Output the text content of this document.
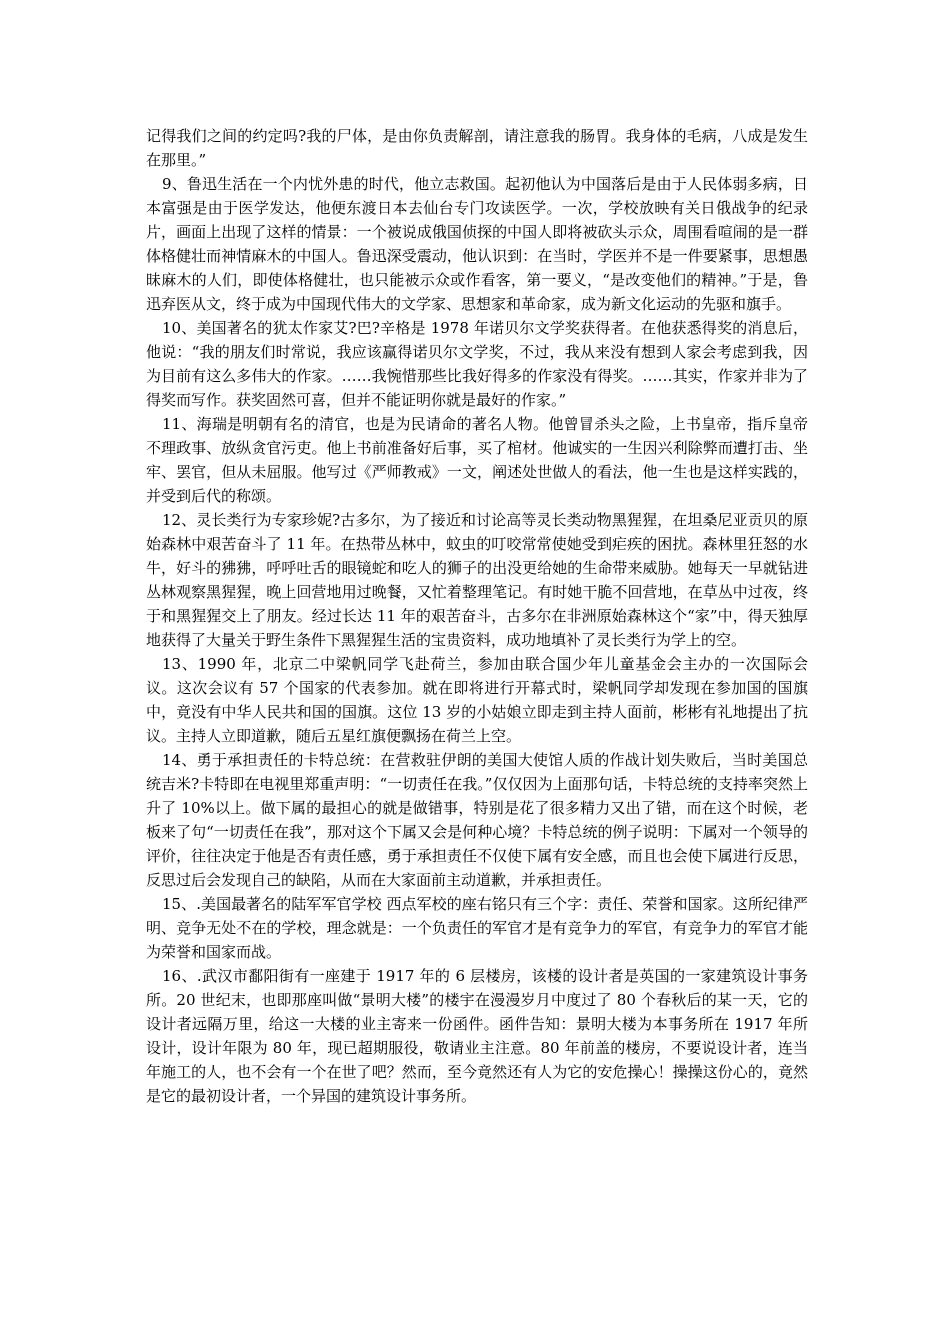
记得我们之间的约定吗?我的尸体，是由你负责解剖，请注意我的肠胃。我身体的毛病，八成是发生在那里。”

9、鲁迅生活在一个内忧外患的时代，他立志救国。起初他认为中国落后是由于人民体弱多病，日本富强是由于医学发达，他便东渡日本去仙台专门攻读医学。一次，学校放映有关日俄战争的纪录片，画面上出现了这样的情景：一个被说成俄国侦探的中国人即将被砍头示众，周围看喧闹的是一群体格健壮而神情麻木的中国人。鲁迅深受震动，他认识到：在当时，学医并不是一件要紧事，思想愚昧麻木的人们，即使体格健壮，也只能被示众或作看客，第一要义，“是改变他们的精神。”于是，鲁迅弃医从文，终于成为中国现代伟大的文学家、思想家和革命家，成为新文化运动的先驱和旗手。

10、美国著名的犹太作家艾?巴?辛格是 1978 年诺贝尔文学奖获得者。在他获悉得奖的消息后，他说：“我的朋友们时常说，我应该赢得诺贝尔文学奖，不过，我从来没有想到人家会考虑到我，因为目前有这么多伟大的作家。……我惋惜那些比我好得多的作家没有得奖。……其实，作家并非为了得奖而写作。获奖固然可喜，但并不能证明你就是最好的作家。”

11、海瑞是明朝有名的清官，也是为民请命的著名人物。他曾冒杀头之险，上书皇帝，指斥皇帝不理政事、放纵贪官污吏。他上书前准备好后事，买了棺材。他诚实的一生因兴利除弊而遭打击、坐牢、罢官，但从未屈服。他写过《严师教戒》一文，阐述处世做人的看法，他一生也是这样实践的，并受到后代的称颂。

12、灵长类行为专家珍妮?古多尔，为了接近和讨论高等灵长类动物黑猩猩，在坦桑尼亚贡贝的原始森林中艰苦奋斗了 11 年。在热带丛林中，蚊虫的叮咬常常使她受到疟疾的困扰。森林里狂怒的水牛，好斗的狒狒，呼呼吐舌的眼镜蛇和吃人的狮子的出没更给她的生命带来威胁。她每天一早就钻进丛林观察黑猩猩，晚上回营地用过晚餐，又忙着整理笔记。有时她干脆不回营地，在草丛中过夜，终于和黑猩猩交上了朋友。经过长达 11 年的艰苦奋斗，古多尔在非洲原始森林这个“家”中，得天独厚地获得了大量关于野生条件下黑猩猩生活的宝贵资料，成功地填补了灵长类行为学上的空。

13、1990 年，北京二中梁帆同学飞赴荷兰，参加由联合国少年儿童基金会主办的一次国际会议。这次会议有 57 个国家的代表参加。就在即将进行开幕式时，梁帆同学却发现在参加国的国旗中，竟没有中华人民共和国的国旗。这位 13 岁的小姑娘立即走到主持人面前，彬彬有礼地提出了抗议。主持人立即道歉，随后五星红旗便飘扬在荷兰上空。

14、勇于承担责任的卡特总统：在营救驻伊朗的美国大使馆人质的作战计划失败后，当时美国总统吉米?卡特即在电视里郑重声明：“一切责任在我。”仅仅因为上面那句话，卡特总统的支持率突然上升了 10%以上。做下属的最担心的就是做错事，特别是花了很多精力又出了错，而在这个时候，老板来了句“一切责任在我”，那对这个下属又会是何种心境？卡特总统的例子说明：下属对一个领导的评价，往往决定于他是否有责任感，勇于承担责任不仅使下属有安全感，而且也会使下属进行反思，反思过后会发现自己的缺陷，从而在大家面前主动道歉，并承担责任。

15、.美国最著名的陆军军官学校 西点军校的座右铭只有三个字：责任、荣誉和国家。这所纪律严明、竞争无处不在的学校，理念就是：一个负责任的军官才是有竞争力的军官，有竞争力的军官才能为荣誉和国家而战。

16、.武汉市鄱阳街有一座建于 1917 年的 6 层楼房，该楼的设计者是英国的一家建筑设计事务所。20 世纪末，也即那座叫做“景明大楼”的楼宇在漫漫岁月中度过了 80 个春秋后的某一天，它的设计者远隔万里，给这一大楼的业主寄来一份函件。函件告知：景明大楼为本事务所在 1917 年所设计，设计年限为 80 年，现已超期服役，敬请业主注意。80 年前盖的楼房，不要说设计者，连当年施工的人，也不会有一个在世了吧？然而，至今竟然还有人为它的安危操心！操操这份心的，竟然是它的最初设计者，一个异国的建筑设计事务所。
